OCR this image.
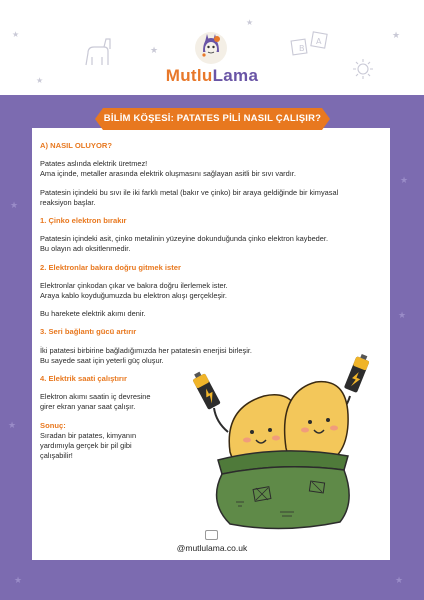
MutluLama
B
A
★
★
★
★
★
★
★
★
★
★	★
BİLİM KÖŞESİ: PATATES PİLİ NASIL ÇALIŞIR?

A) NASIL OLUYOR?

Patates aslında elektrik üretmez!

Ama içinde, metaller arasında elektrik oluşmasını sağlayan asitli bir sıvı vardır.

Patatesin içindeki bu sıvı ile iki farklı metal (bakır ve çinko) bir araya geldiğinde bir kimyasal

reaksiyon başlar.

1. Çinko elektron bırakır

Patatesin içindeki asit, çinko metalinin yüzeyine dokunduğunda çinko elektron kaybeder.

Bu olayın adı oksitlenmedir.

2. Elektronlar bakıra doğru gitmek ister

Elektronlar çinkodan çıkar ve bakıra doğru ilerlemek ister.

Araya kablo koyduğumuzda bu elektron akışı gerçekleşir.

Bu harekete elektrik akımı denir.

3. Seri bağlantı gücü artırır

İki patatesi birbirine bağladığımızda her patatesin enerjisi birleşir.

Bu sayede saat için yeterli güç oluşur.

4. Elektrik saati çalıştırır

Elektron akımı saatin iç devresine

girer ekran yanar saat çalışır.

Sonuç:

Sıradan bir patates, kimyanın

yardımıyla gerçek bir pil gibi

çalışabilir!

@mutlulama.co.uk
